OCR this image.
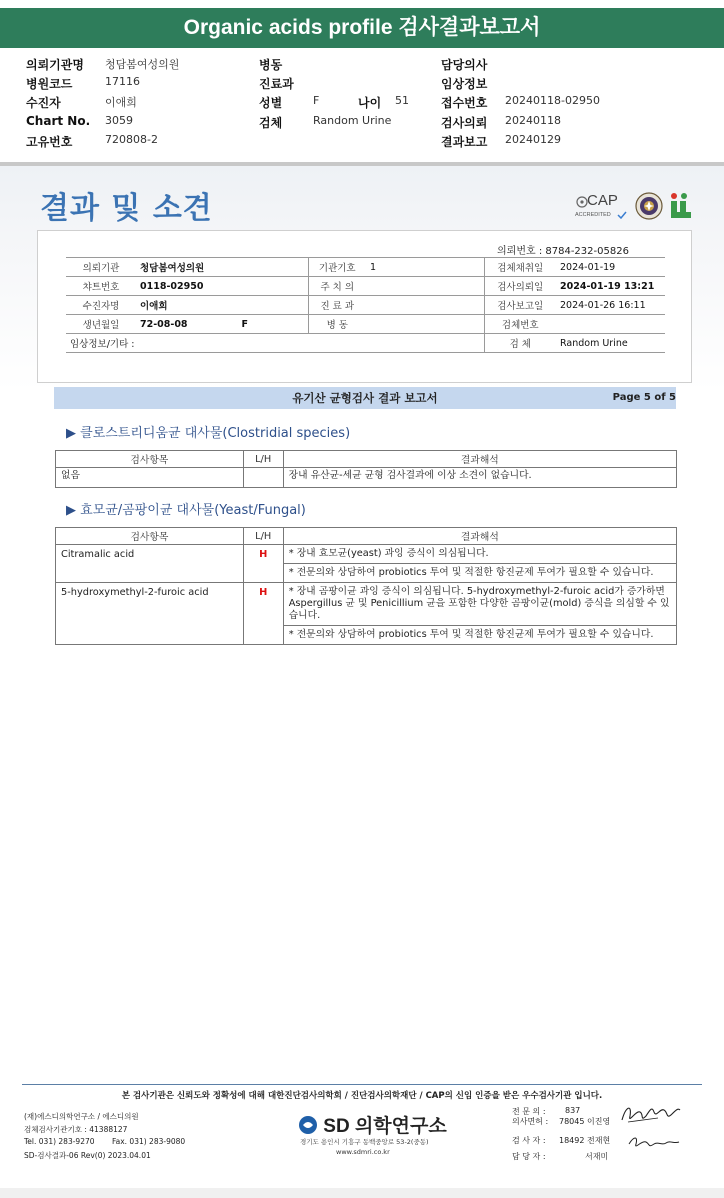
Organic acids profile 검사결과보고서
의뢰기관명 청담봄여성의원	병동	담당의사
병원코드	17116	진료과	임상정보
수진자	이애희	성별	F	나이 51	접수번호 20240118-02950
Chart No. 3059	검체	Random Urine	검사의뢰 20240118
고유번호	720808-2	결과보고 20240129
결과 및 소견	CAP
ACCREDITED
의뢰번호 : 8784-232-05826
의뢰기관	청담봄여성의원	기관기호	1	검체채취일	2024-01-19
챠트번호	0118-02950	주 치 의		검사의뢰일	2024-01-19 13:21
수진자명	이애희	진 료 과		검사보고일	2024-01-26 16:11
생년월일	72-08-08 F	병 동		검체번호	
임상정보/기타 :				검 체	Random Urine
유기산 균형검사 결과 보고서	Page 5 of 5
▶ 클로스트리디움균 대사물(Clostridial species)
검사항목	L/H	결과해석
없음		장내 유산균-세균 균형 검사결과에 이상 소견이 없습니다.
▶ 효모균/곰팡이균 대사물(Yeast/Fungal)
검사항목	L/H	결과해석
Citramalic acid	H	* 장내 효모균(yeast) 과잉 증식이 의심됩니다.
* 전문의와 상담하여 probiotics 투여 및 적절한 항진균제 투여가 필요할 수 있습니다.

5-hydroxymethyl-2-furoic acid	H	* 장내 곰팡이균 과잉 증식이 의심됩니다. 5-hydroxymethyl-2-furoic acid가 증가하면 Aspergillus 균 및 Penicillium 균을 포함한 다양한 곰팡이균(mold) 증식을 의심할 수 있습니다.
* 전문의와 상담하여 probiotics 투여 및 적절한 항진균제 투여가 필요할 수 있습니다.
본 검사기관은 신뢰도와 정확성에 대해 대한진단검사의학회 / 진단검사의학재단 / CAP의 신임 인증을 받은 우수검사기관 입니다.
(재)에스디의학연구소 / 에스디의원
검체검사기관기호 : 41388127
Tel. 031) 283-9270 Fax. 031) 283-9080
SD-검사결과-06 Rev(0) 2023.04.01
SD 의학연구소
경기도 용인시 기흥구 동백중앙로 53-2(중동)
www.sdmri.co.kr
전 문 의 : 837
의사면허 : 78045 이진영
검 사 자 : 18492 전재현
담 당 자 :	서재미
